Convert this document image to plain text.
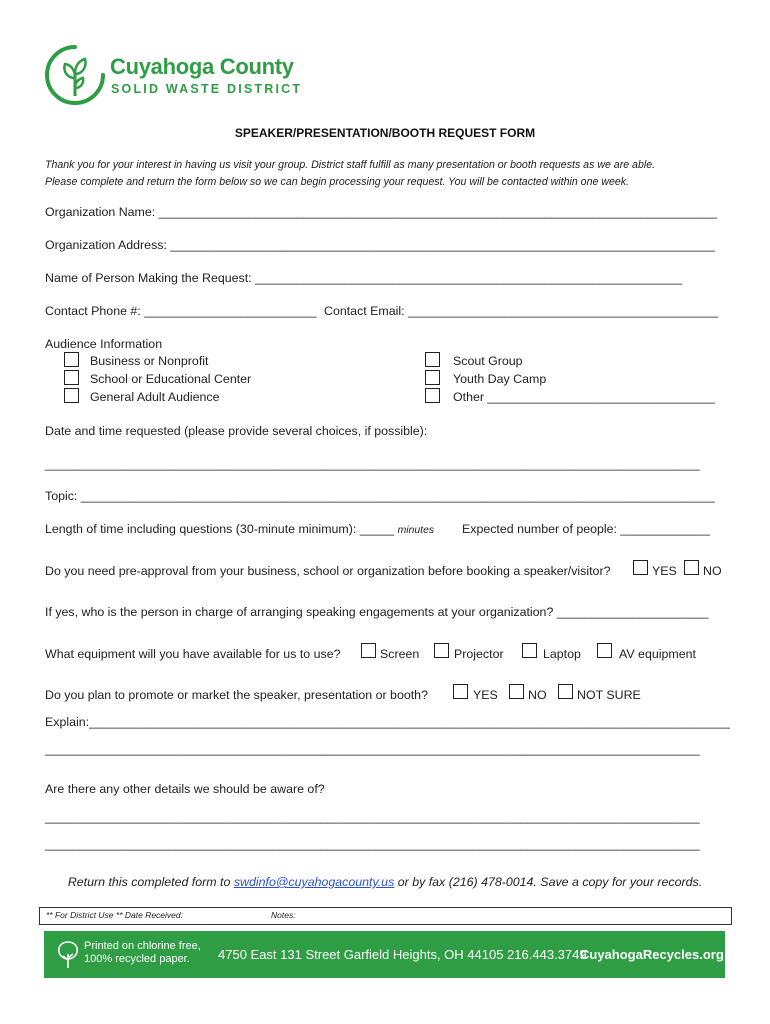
Cuyahoga County
SOLID WASTE DISTRICT
SPEAKER/PRESENTATION/BOOTH REQUEST FORM
Thank you for your interest in having us visit your group. District staff fulfill as many presentation or booth requests as we are able.
Please complete and return the form below so we can begin processing your request. You will be contacted within one week.
Organization Name: _________________________________________________________________________________
Organization Address: _______________________________________________________________________________
Name of Person Making the Request: ______________________________________________________________
Contact Phone #: _________________________ Contact Email: _____________________________________________
Audience Information
Business or Nonprofit
School or Educational Center
General Adult Audience
Scout Group
Youth Day Camp
Other _________________________________
Date and time requested (please provide several choices, if possible):
_______________________________________________________________________________________________
Topic: ____________________________________________________________________________________________
Length of time including questions (30-minute minimum): _____ minutes Expected number of people: _____________
Do you need pre-approval from your business, school or organization before booking a speaker/visitor?	YES NO
If yes, who is the person in charge of arranging speaking engagements at your organization? ______________________
What equipment will you have available for us to use?	Screen	Projector	Laptop	AV equipment
Do you plan to promote or market the speaker, presentation or booth?	YES NO NOT SURE
Explain:_____________________________________________________________________________________________
_______________________________________________________________________________________________
Are there any other details we should be aware of?
_______________________________________________________________________________________________
_______________________________________________________________________________________________
Return this completed form to swdinfo@cuyahogacounty.us or by fax (216) 478-0014. Save a copy for your records.
** For District Use ** Date Received:	Notes:
Printed on chlorine free,
100% recycled paper.	4750 East 131 Street Garfield Heights, OH 44105 216.443.3749
CuyahogaRecycles.org
